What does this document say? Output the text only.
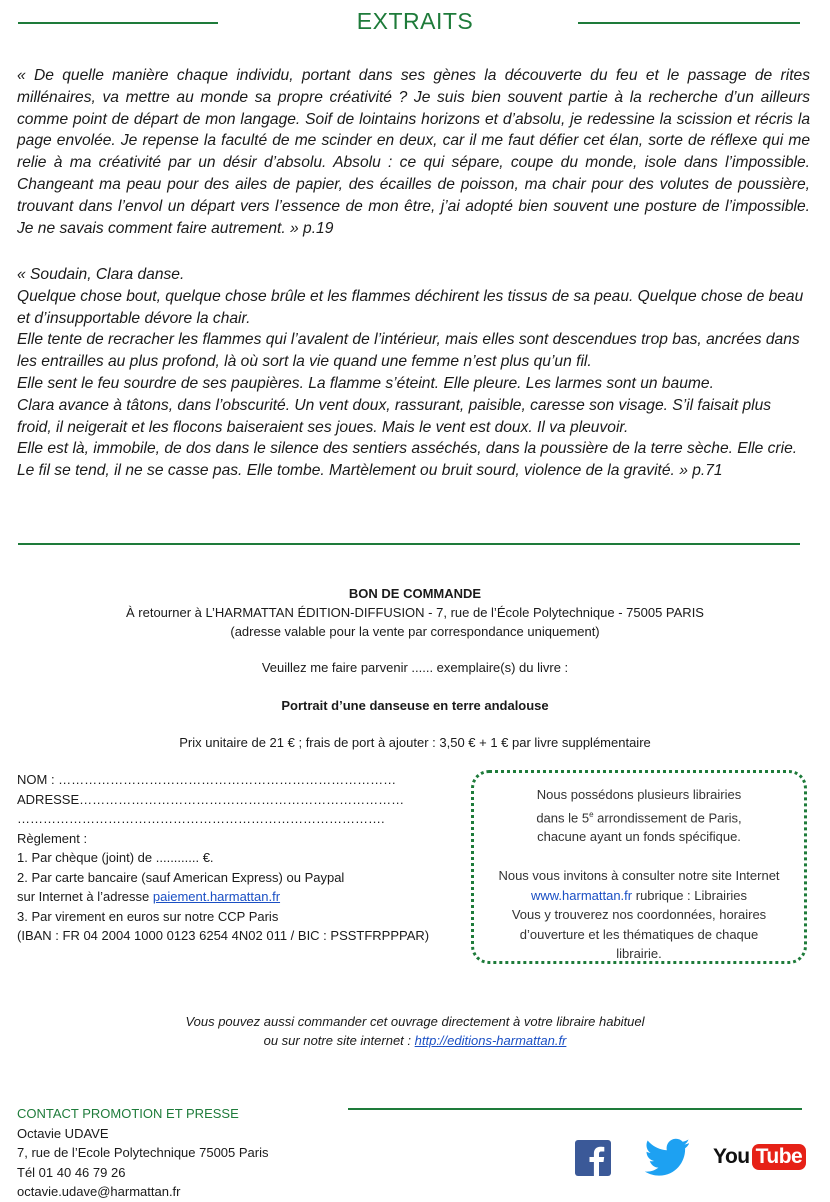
EXTRAITS

« De quelle manière chaque individu, portant dans ses gènes la découverte du feu et le passage de rites millénaires, va mettre au monde sa propre créativité ? Je suis bien souvent partie à la recherche d’un ailleurs comme point de départ de mon langage. Soif de lointains horizons et d’absolu, je redessine la scission et récris la page envolée. Je repense la faculté de me scinder en deux, car il me faut défier cet élan, sorte de réflexe qui me relie à ma créativité par un désir d’absolu. Absolu : ce qui sépare, coupe du monde, isole dans l’impossible. Changeant ma peau pour des ailes de papier, des écailles de poisson, ma chair pour des volutes de poussière, trouvant dans l’envol un départ vers l’essence de mon être, j’ai adopté bien souvent une posture de l’impossible. Je ne savais comment faire autrement. » p.19

« Soudain, Clara danse.

Quelque chose bout, quelque chose brûle et les flammes déchirent les tissus de sa peau. Quelque chose de beau et d’insupportable dévore la chair.

Elle tente de recracher les flammes qui l’avalent de l’intérieur, mais elles sont descendues trop bas, ancrées dans les entrailles au plus profond, là où sort la vie quand une femme n’est plus qu’un fil.

Elle sent le feu sourdre de ses paupières. La flamme s’éteint. Elle pleure. Les larmes sont un baume.

Clara avance à tâtons, dans l’obscurité. Un vent doux, rassurant, paisible, caresse son visage. S’il faisait plus froid, il neigerait et les flocons baiseraient ses joues. Mais le vent est doux. Il va pleuvoir.

Elle est là, immobile, de dos dans le silence des sentiers asséchés, dans la poussière de la terre sèche. Elle crie. Le fil se tend, il ne se casse pas. Elle tombe. Martèlement ou bruit sourd, violence de la gravité. » p.71

BON DE COMMANDE
À retourner à L’HARMATTAN ÉDITION-DIFFUSION - 7, rue de l’École Polytechnique - 75005 PARIS
(adresse valable pour la vente par correspondance uniquement)
Veuillez me faire parvenir ...... exemplaire(s) du livre :
Portrait d’une danseuse en terre andalouse
Prix unitaire de 21 € ; frais de port à ajouter : 3,50 € + 1 € par livre supplémentaire
NOM : ……………………………………………………………………
ADRESSE…………………………………………………………………
………………………………………………………………………….
Règlement :
1. Par chèque (joint) de ............ €.
2. Par carte bancaire (sauf American Express) ou Paypal
sur Internet à l’adresse paiement.harmattan.fr
3. Par virement en euros sur notre CCP Paris
(IBAN : FR 04 2004 1000 0123 6254 4N02 011 / BIC : PSSTFRPPPAR)
Nous possédons plusieurs librairies
dans le 5e arrondissement de Paris,
chacune ayant un fonds spécifique.
Nous vous invitons à consulter notre site Internet
www.harmattan.fr rubrique : Librairies
Vous y trouverez nos coordonnées, horaires
d’ouverture et les thématiques de chaque
librairie.
Vous pouvez aussi commander cet ouvrage directement à votre libraire habituel
ou sur notre site internet : http://editions-harmattan.fr
CONTACT PROMOTION ET PRESSE
Octavie UDAVE
7, rue de l’Ecole Polytechnique 75005 Paris
Tél 01 40 46 79 26
octavie.udave@harmattan.fr
You Tube
